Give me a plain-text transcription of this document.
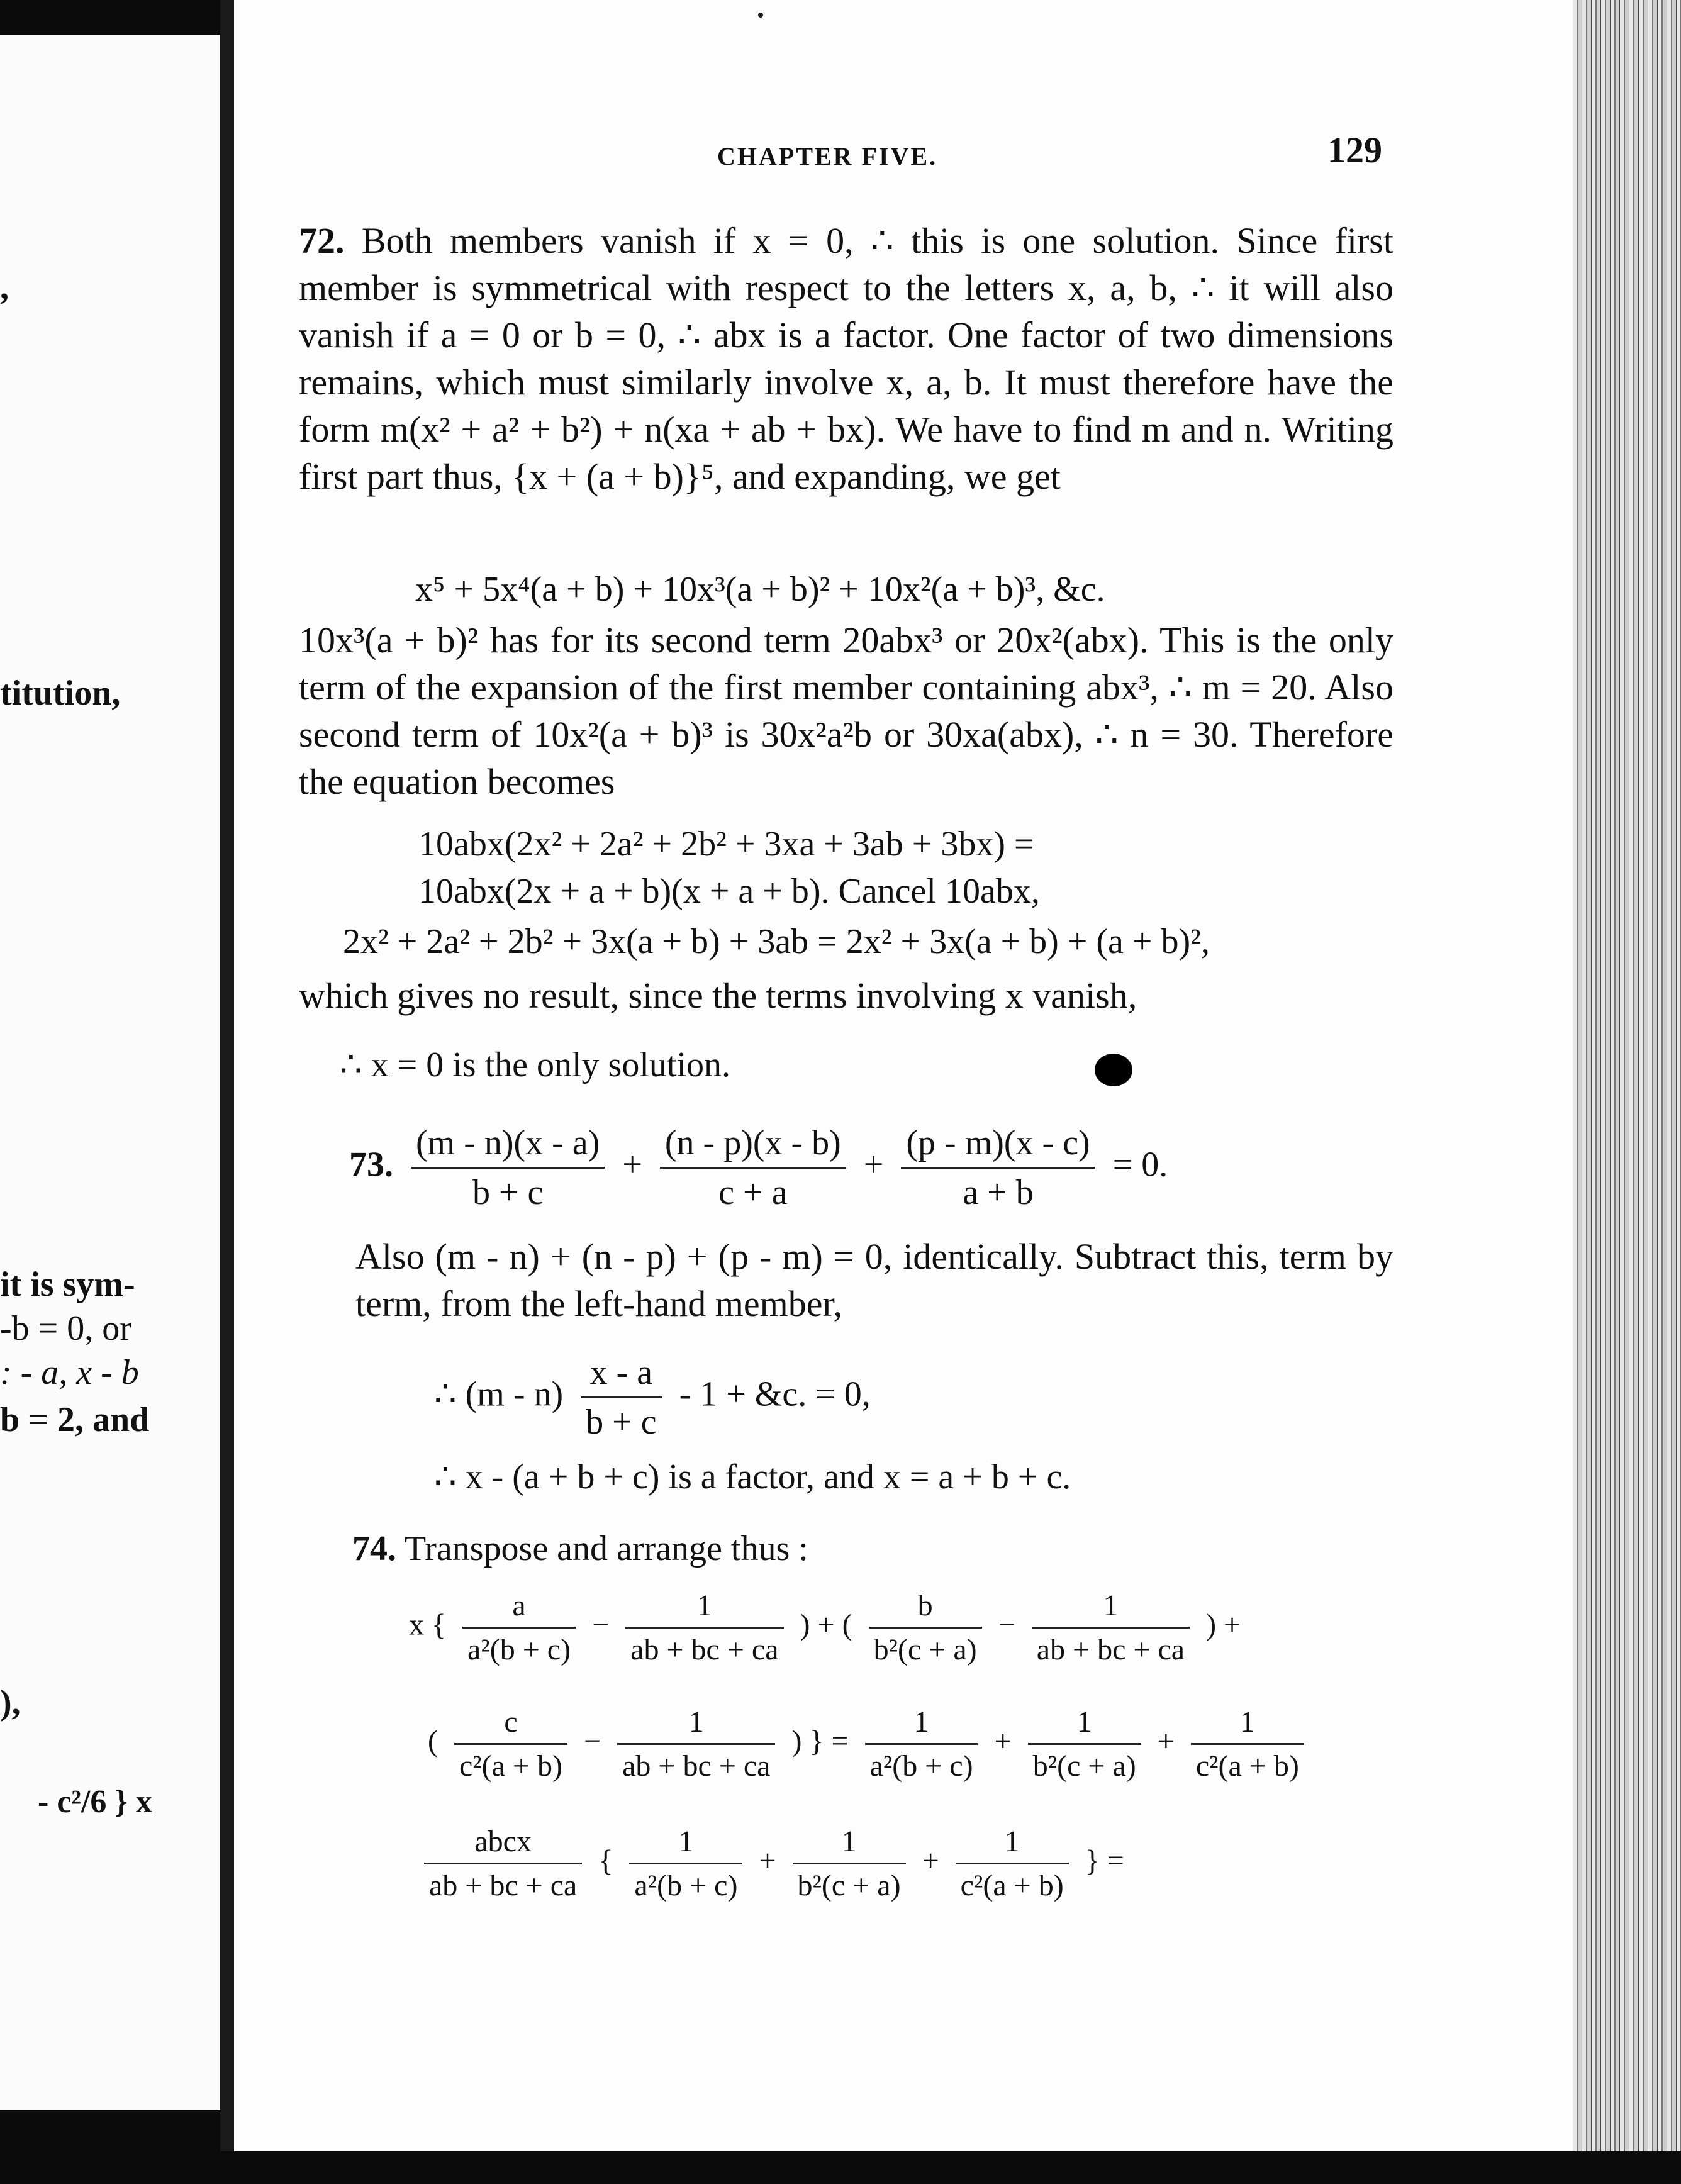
,
titution,
it is sym-
-b = 0, or
: - a, x - b
b = 2, and
),
- c²/6 } x
CHAPTER FIVE.	129
72. Both members vanish if x = 0, ∴ this is one solution. Since first member is symmetrical with respect to the letters x, a, b, ∴ it will also vanish if a = 0 or b = 0, ∴ abx is a factor. One factor of two dimensions remains, which must similarly involve x, a, b. It must therefore have the form m(x² + a² + b²) + n(xa + ab + bx). We have to find m and n. Writing first part thus, {x + (a + b)}⁵, and expanding, we get
x⁵ + 5x⁴(a + b) + 10x³(a + b)² + 10x²(a + b)³, &c.
10x³(a + b)² has for its second term 20abx³ or 20x²(abx). This is the only term of the expansion of the first member containing abx³, ∴ m = 20. Also second term of 10x²(a + b)³ is 30x²a²b or 30xa(abx), ∴ n = 30. Therefore the equation becomes
10abx(2x² + 2a² + 2b² + 3xa + 3ab + 3bx) =
10abx(2x + a + b)(x + a + b). Cancel 10abx,
2x² + 2a² + 2b² + 3x(a + b) + 3ab = 2x² + 3x(a + b) + (a + b)²,
which gives no result, since the terms involving x vanish,
∴ x = 0 is the only solution.
73. $\frac{(m - n)(x - a)}{b + c} + \frac{(n - p)(x - b)}{c + a} + \frac{(p - m)(x - c)}{a + b} = 0$.
Also (m - n) + (n - p) + (p - m) = 0, identically. Subtract this, term by term, from the left-hand member,
∴ $(m - n) \frac{x - a}{b + c} - 1$ + &c. = 0,
∴ x - (a + b + c) is a factor, and x = a + b + c.
74. Transpose and arrange thus :
x { $\frac{a}{\text{a²(b + c)}} - \frac{1}{ab + bc + ca}$ ) + ( $\frac{b}{\text{b²(c + a)}} - \frac{1}{ab + bc + ca}$ ) +
( $\frac{c}{\text{c²(a + b)}} - \frac{1}{ab + bc + ca}$ ) } = $\frac{1}{\text{a²(b + c)}} + \frac{1}{\text{b²(c + a)}} + \frac{1}{\text{c²(a + b)}}$
$\frac{\text{abcx}}{ab + bc + ca}$ { $\frac{1}{\text{a²(b + c)}} + \frac{1}{\text{b²(c + a)}} + \frac{1}{\text{c²(a + b)}}$ } =
